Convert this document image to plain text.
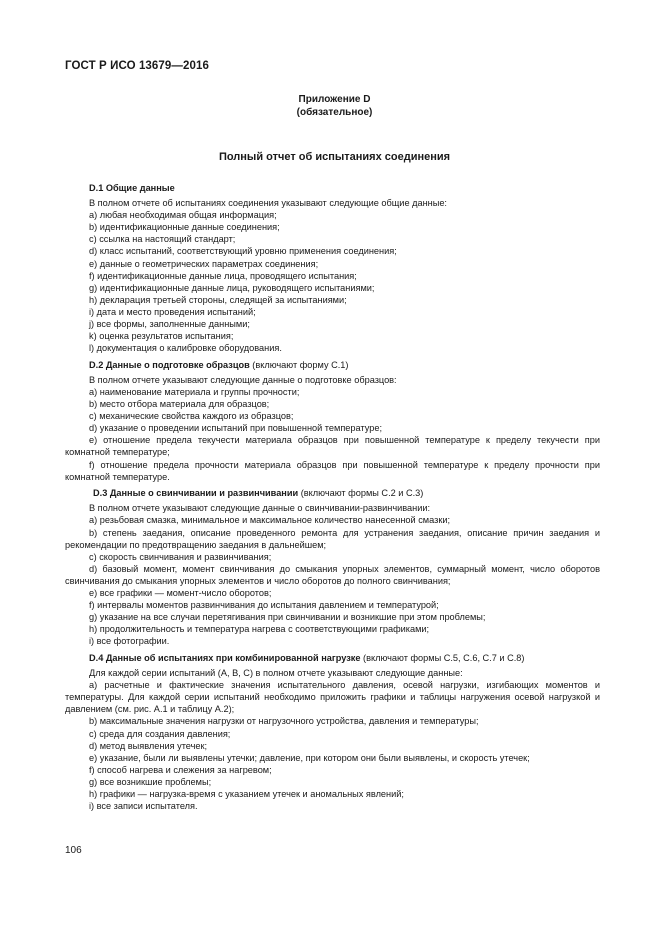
ГОСТ Р ИСО 13679—2016
Приложение D
(обязательное)
Полный отчет об испытаниях соединения
D.1 Общие данные
В полном отчете об испытаниях соединения указывают следующие общие данные:
a) любая необходимая общая информация;
b) идентификационные данные соединения;
c) ссылка на настоящий стандарт;
d) класс испытаний, соответствующий уровню применения соединения;
e) данные о геометрических параметрах соединения;
f) идентификационные данные лица, проводящего испытания;
g) идентификационные данные лица, руководящего испытаниями;
h) декларация третьей стороны, следящей за испытаниями;
i) дата и место проведения испытаний;
j) все формы, заполненные данными;
k) оценка результатов испытания;
l) документация о калибровке оборудования.
D.2 Данные о подготовке образцов (включают форму С.1)
В полном отчете указывают следующие данные о подготовке образцов:
a) наименование материала и группы прочности;
b) место отбора материала для образцов;
c) механические свойства каждого из образцов;
d) указание о проведении испытаний при повышенной температуре;
e) отношение предела текучести материала образцов при повышенной температуре к пределу текучести при комнатной температуре;
f) отношение предела прочности материала образцов при повышенной температуре к пределу прочности при комнатной температуре.
D.3 Данные о свинчивании и развинчивании (включают формы С.2 и С.3)
В полном отчете указывают следующие данные о свинчивании-развинчивании:
a) резьбовая смазка, минимальное и максимальное количество нанесенной смазки;
b) степень заедания, описание проведенного ремонта для устранения заедания, описание причин заедания и рекомендации по предотвращению заедания в дальнейшем;
c) скорость свинчивания и развинчивания;
d) базовый момент, момент свинчивания до смыкания упорных элементов, суммарный момент, число оборотов свинчивания до смыкания упорных элементов и число оборотов до полного свинчивания;
e) все графики — момент-число оборотов;
f) интервалы моментов развинчивания до испытания давлением и температурой;
g) указание на все случаи перетягивания при свинчивании и возникшие при этом проблемы;
h) продолжительность и температура нагрева с соответствующими графиками;
i) все фотографии.
D.4 Данные об испытаниях при комбинированной нагрузке (включают формы С.5, С.6, С.7 и С.8)
Для каждой серии испытаний (А, В, С) в полном отчете указывают следующие данные:
a) расчетные и фактические значения испытательного давления, осевой нагрузки, изгибающих моментов и температуры. Для каждой серии испытаний необходимо приложить графики и таблицы нагружения осевой нагрузкой и давлением (см. рис. А.1 и таблицу А.2);
b) максимальные значения нагрузки от нагрузочного устройства, давления и температуры;
c) среда для создания давления;
d) метод выявления утечек;
e) указание, были ли выявлены утечки; давление, при котором они были выявлены, и скорость утечек;
f) способ нагрева и слежения за нагревом;
g) все возникшие проблемы;
h) графики — нагрузка-время с указанием утечек и аномальных явлений;
i) все записи испытателя.
106
